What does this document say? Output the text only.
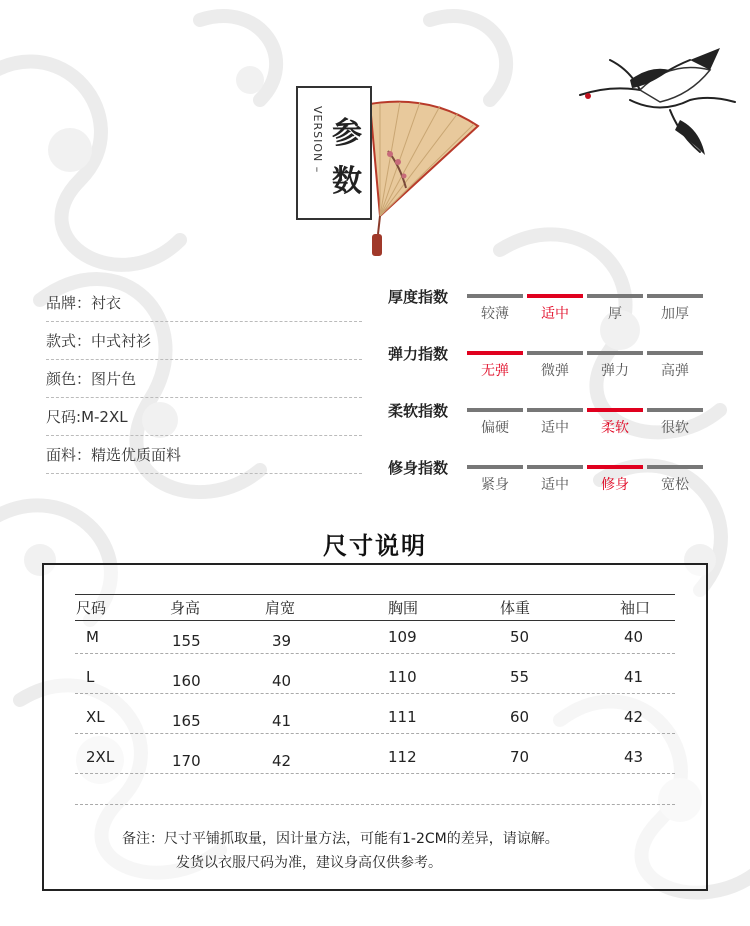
VERSION – 参
数
品牌：衬衣
款式：中式衬衫
颜色：图片色
尺码:M-2XL
面料：精选优质面料
厚度指数
较薄	适中	厚	加厚
弹力指数
无弹	微弹	弹力	高弹
柔软指数
偏硬	适中	柔软	很软
修身指数
紧身	适中	修身	宽松
尺寸说明
尺码	身高	肩宽	胸围	体重	袖口
M	155	39	109	50	40
L	160	40	110	55	41
XL	165	41	111	60	42
2XL	170	42	112	70	43
备注：尺寸平铺抓取量，因计量方法，可能有1-2CM的差异，请谅解。
发货以衣服尺码为准，建议身高仅供参考。
